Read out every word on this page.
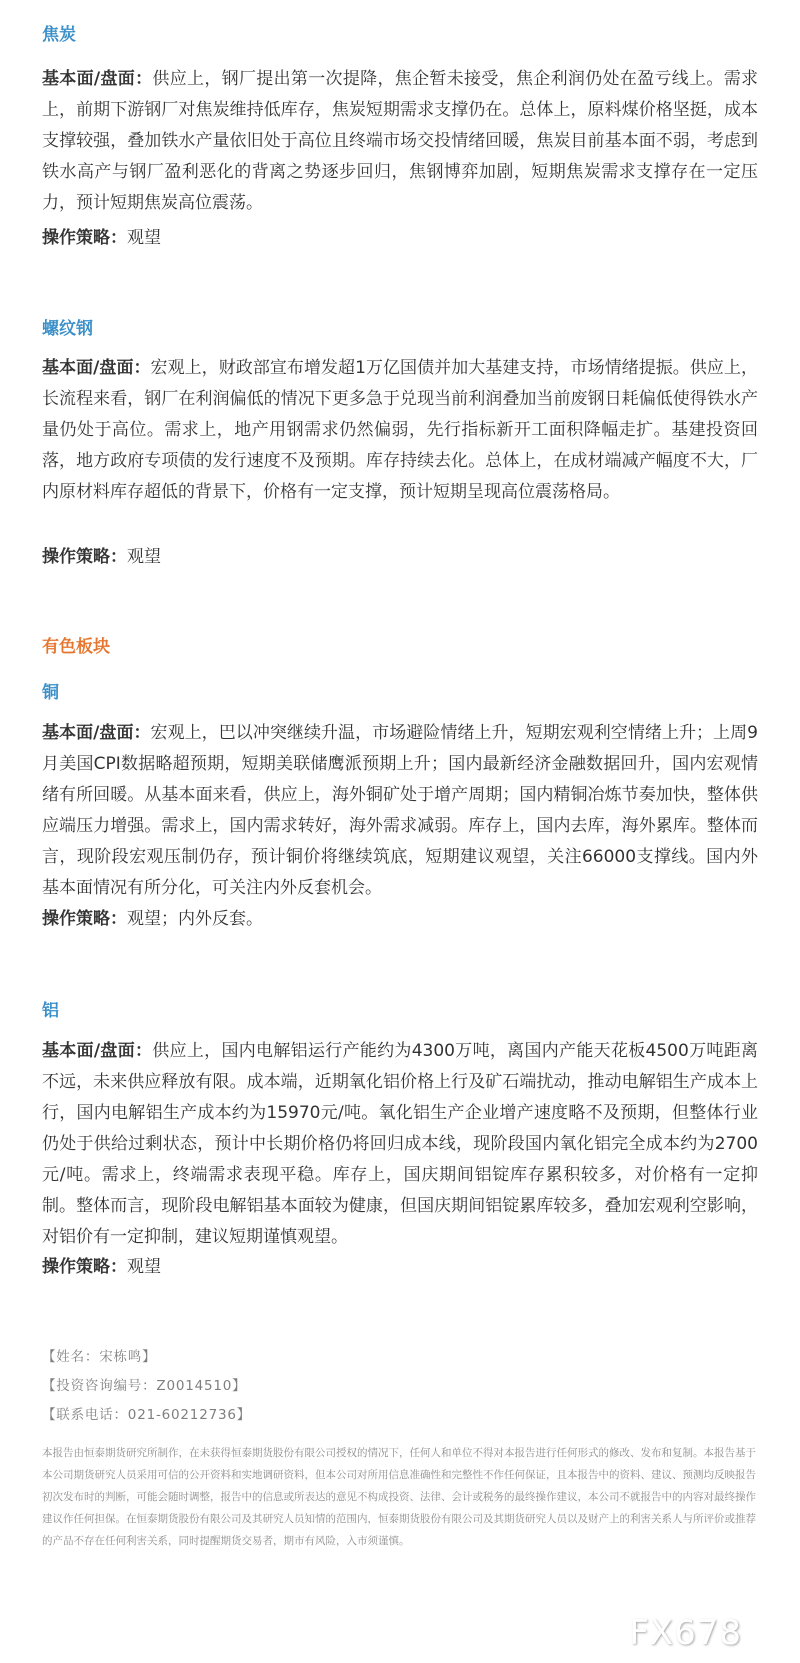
焦炭
基本面/盘面：供应上，钢厂提出第一次提降，焦企暂未接受，焦企利润仍处在盈亏线上。需求上，前期下游钢厂对焦炭维持低库存，焦炭短期需求支撑仍在。总体上，原料煤价格坚挺，成本支撑较强，叠加铁水产量依旧处于高位且终端市场交投情绪回暖，焦炭目前基本面不弱，考虑到铁水高产与钢厂盈利恶化的背离之势逐步回归，焦钢博弈加剧，短期焦炭需求支撑存在一定压力，预计短期焦炭高位震荡。
操作策略：观望
螺纹钢
基本面/盘面：宏观上，财政部宣布增发超1万亿国债并加大基建支持，市场情绪提振。供应上，长流程来看，钢厂在利润偏低的情况下更多急于兑现当前利润叠加当前废钢日耗偏低使得铁水产量仍处于高位。需求上，地产用钢需求仍然偏弱，先行指标新开工面积降幅走扩。基建投资回落，地方政府专项债的发行速度不及预期。库存持续去化。总体上，在成材端减产幅度不大，厂内原材料库存超低的背景下，价格有一定支撑，预计短期呈现高位震荡格局。
操作策略：观望
有色板块
铜
基本面/盘面：宏观上，巴以冲突继续升温，市场避险情绪上升，短期宏观利空情绪上升；上周9月美国CPI数据略超预期，短期美联储鹰派预期上升；国内最新经济金融数据回升，国内宏观情绪有所回暖。从基本面来看，供应上，海外铜矿处于增产周期；国内精铜冶炼节奏加快，整体供应端压力增强。需求上，国内需求转好，海外需求减弱。库存上，国内去库，海外累库。整体而言，现阶段宏观压制仍存，预计铜价将继续筑底，短期建议观望，关注66000支撑线。国内外基本面情况有所分化，可关注内外反套机会。
操作策略：观望；内外反套。
铝
基本面/盘面：供应上，国内电解铝运行产能约为4300万吨，离国内产能天花板4500万吨距离不远，未来供应释放有限。成本端，近期氧化铝价格上行及矿石端扰动，推动电解铝生产成本上行，国内电解铝生产成本约为15970元/吨。氧化铝生产企业增产速度略不及预期，但整体行业仍处于供给过剩状态，预计中长期价格仍将回归成本线，现阶段国内氧化铝完全成本约为2700元/吨。需求上，终端需求表现平稳。库存上，国庆期间铝锭库存累积较多，对价格有一定抑制。整体而言，现阶段电解铝基本面较为健康，但国庆期间铝锭累库较多，叠加宏观利空影响，对铝价有一定抑制，建议短期谨慎观望。
操作策略：观望
【姓名：宋栋鸣】
【投资咨询编号：Z0014510】
【联系电话：021-60212736】
本报告由恒泰期货研究所制作，在未获得恒泰期货股份有限公司授权的情况下，任何人和单位不得对本报告进行任何形式的修改、发布和复制。本报告基于本公司期货研究人员采用可信的公开资料和实地调研资料，但本公司对所用信息准确性和完整性不作任何保证，且本报告中的资料、建议、预测均反映报告初次发布时的判断，可能会随时调整，报告中的信息或所表达的意见不构成投资、法律、会计或税务的最终操作建议，本公司不就报告中的内容对最终操作建议作任何担保。在恒泰期货股份有限公司及其研究人员知情的范围内，恒泰期货股份有限公司及其期货研究人员以及财产上的利害关系人与所评价或推荐的产品不存在任何利害关系，同时提醒期货交易者，期市有风险，入市须谨慎。
FX678
